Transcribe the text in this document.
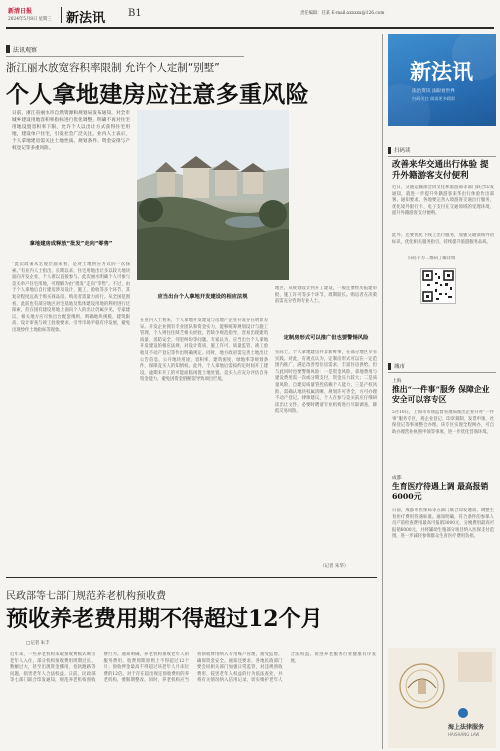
新清日报
2024年5月8日 星期三 新法讯 B1	责任编辑：任某 E-mail:xxxxxx@126.com
法讯观察
浙江丽水放宽容积率限制 允许个人定制“别墅”
个人拿地建房应注意多重风险
日前，浙江省丽水市自然资源和规划局发布通知，对全市城乡建设用地容积率指标进行优化调整，明确不再对住宅用地设置容积率下限，允许个人以出让方式获得住宅用地，建设单户住宅，引发社会广泛关注。业内人士表示，个人拿地建房需关注土地性质、规划条件、资金安排与产权登记等多重风险。
拿地建房成释放“批发”走向“零售”
“此次政策从宏观层面来看，是对土地供应方式的一次探索。”有业内人士指出，长期以来，住宅用地出让多以较大地块面向开发企业，个人难以直接参与。此次丽水明确个人可参与竞买单户住宅用地，可理解为由“批发”走向“零售”。不过，由于个人拿地后自行建房涉及设计、施工、验收等多个环节，其复杂程度远高于购买商品房，购房者需量力而行。从全国范围看，此前也有部分地区对宅基地及集体建设用地的利用进行过探索，但在国有建设用地上面向个人的出让仍属少见。专家建议，相关地方应尽快出台配套细则，明确地块规模、建筑限高、设计审查与竣工验收要求，引导市场平稳有序发展，避免出现炒作土地指标等现象。
应当出台个人拿地开发建设的相应法规
在业内人士看来，个人拿地开发建设与房地产企业开发存在明显差异。开发企业拥有专业团队和资金实力，能够统筹规划设计与施工管理，个人则往往缺乏相关经验，若缺少规范指导，容易出现建筑质量、消防安全、邻里纠纷等问题。专家认为，应当出台个人拿地开发建设的相应法规，对设计资质、施工许可、质量监管、竣工验收及不动产登记等作出明确规定。同时，地方政府需完善土地出让公告信息，公开地块用途、容积率、建筑密度、绿地率等规划条件，保障竞买人的知情权。此外，个人拿地后需按约定时间开工建设，逾期未开工的可能面临闲置土地处置。竞买人应充分评估自身资金能力，避免因资金链断裂导致项目烂尾。
地区，从规划设计到开工建设，一般还要经历报建审批、施工许可等多个环节，周期较长。购房者在决策前需充分咨询专业人士。
定制房形式可以推广但也要警惕风险
实际上，个人拿地建房并非新鲜事，在部分地区早有实践。对此，有观点认为，定制房形式可以在一定范围内推广，满足改善型住房需求，丰富住房供给。但与此同时也要警惕风险：一是资金风险，拿地费用与建设费用需一次或分期支付，资金压力较大；二是质量风险，自建房质量管控依赖个人能力；三是产权风险，需确认地块权属清晰、规划许可齐全，方可办理不动产登记。律师建议，个人在参与竞买前应仔细研读出让文件，必要时聘请专业机构进行尽职调查，降低交易风险。
（记者 朱华）
民政部等七部门规范养老机构预收费
预收养老费用期不得超过12个月
□记者 朱丰
近年来，一些养老机构采取预收费模式吸引老年人入住，部分机构预收费用周期过长、数额过大，甚至出现资金挪用、卷款跑路等问题，损害老年人合法权益。日前，民政部等七部门联合印发通知，规范养老机构预收费行为。通知明确，养老机构预收老年人的服务费用，收费周期原则上不得超过12个月；预收押金最高不得超过该老年人月床位费的12倍。对于存在超出规定预收费用的养老机构，要限期整改。同时，养老机构应当将预收费用纳入专用账户管理，接受监督，确保资金安全。通知还要求，各地民政部门要会同相关部门加强日常监管，对违规预收费用、侵害老年人权益的行为依法查处，并将有关情况纳入信用记录，切实维护老年人合法权益，促进养老服务行业健康有序发展。
新法讯
法治资讯 法眼看世界
扫码关注 阅读更多精彩
扫码读
改善来华交通出行体验 提升外籍游客支付便利
近日，交通运输部会同文化和旅游部等部门联合印发通知，就进一步提升外籍游客来华出行体验作出部署。通知要求，各地要完善入境游客交通出行服务，优化境外银行卡、电子支付在交通领域的受理环境，提升外籍游客支付便利。
此外，还要优化下线上出行服务，加强交通领域外语标识，优化相关服务指引，持续提升旅游服务品质。
扫码下方二维码了解详情
城市
上海
推出“一件事”服务 保障企业安全可以容专区
5月10日，上海市市场监督管理局推出企业开办“一件事”服务专区，将企业登记、印章刻制、发票申领、社保登记等事项整合办理。该专区实现全程网办，可自助办理营业执照申领等事项，进一步优化营商环境。
成都
生育医疗待遇上调 最高报销6000元
日前，成都市医保局等五部门联合印发通知，调整生育医疗费用待遇标准。通知明确，符合条件的参保人员产前检查费用最高可报销3000元，分娩费用最高可报销6000元，并将辅助生殖部分项目纳入医保支付范围，进一步减轻参保群众生育医疗费用负担。
海上法律服务
HAISHANG LAW
